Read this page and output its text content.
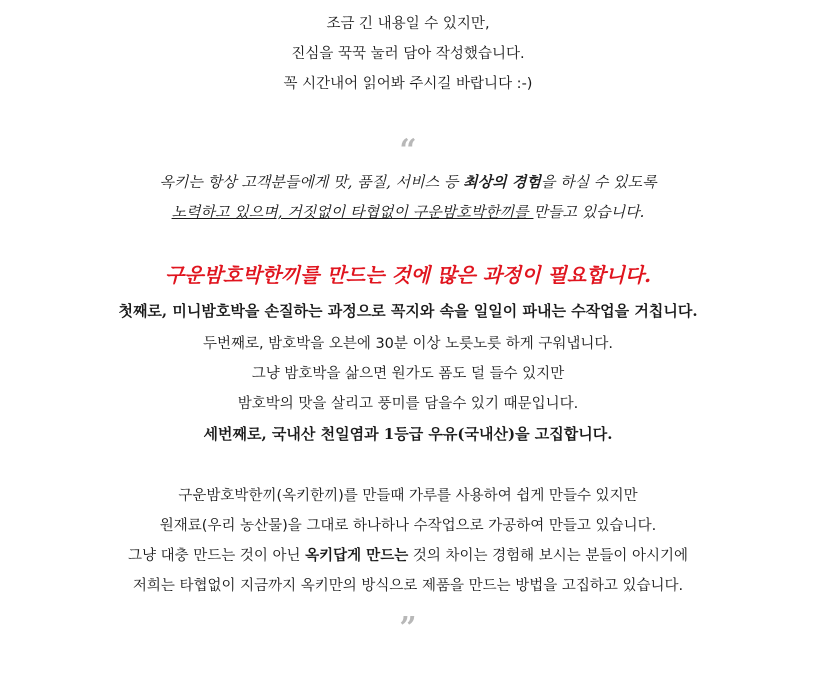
조금 긴 내용일 수 있지만,
진심을 꾹꾹 눌러 담아 작성했습니다.
꼭 시간내어 읽어봐 주시길 바랍니다 :-)
“
옥키는 항상 고객분들에게 맛, 품질, 서비스 등 최상의 경험을 하실 수 있도록
노력하고 있으며, 거짓없이 타협없이 구운밤호박한끼를 만들고 있습니다.
구운밤호박한끼를 만드는 것에 많은 과정이 필요합니다.
첫째로, 미니밤호박을 손질하는 과정으로 꼭지와 속을 일일이 파내는 수작업을 거칩니다.
두번째로, 밤호박을 오븐에 30분 이상 노릇노릇 하게 구워냅니다.
그냥 밤호박을 삶으면 원가도 폼도 덜 들수 있지만
밤호박의 맛을 살리고 풍미를 담을수 있기 때문입니다.
세번째로, 국내산 천일염과 1등급 우유(국내산)을 고집합니다.
구운밤호박한끼(옥키한끼)를 만들때 가루를 사용하여 쉽게 만들수 있지만
원재료(우리 농산물)을 그대로 하나하나 수작업으로 가공하여 만들고 있습니다.
그냥 대충 만드는 것이 아닌 옥키답게 만드는 것의 차이는 경험해 보시는 분들이 아시기에
저희는 타협없이 지금까지 옥키만의 방식으로 제품을 만드는 방법을 고집하고 있습니다.
”
